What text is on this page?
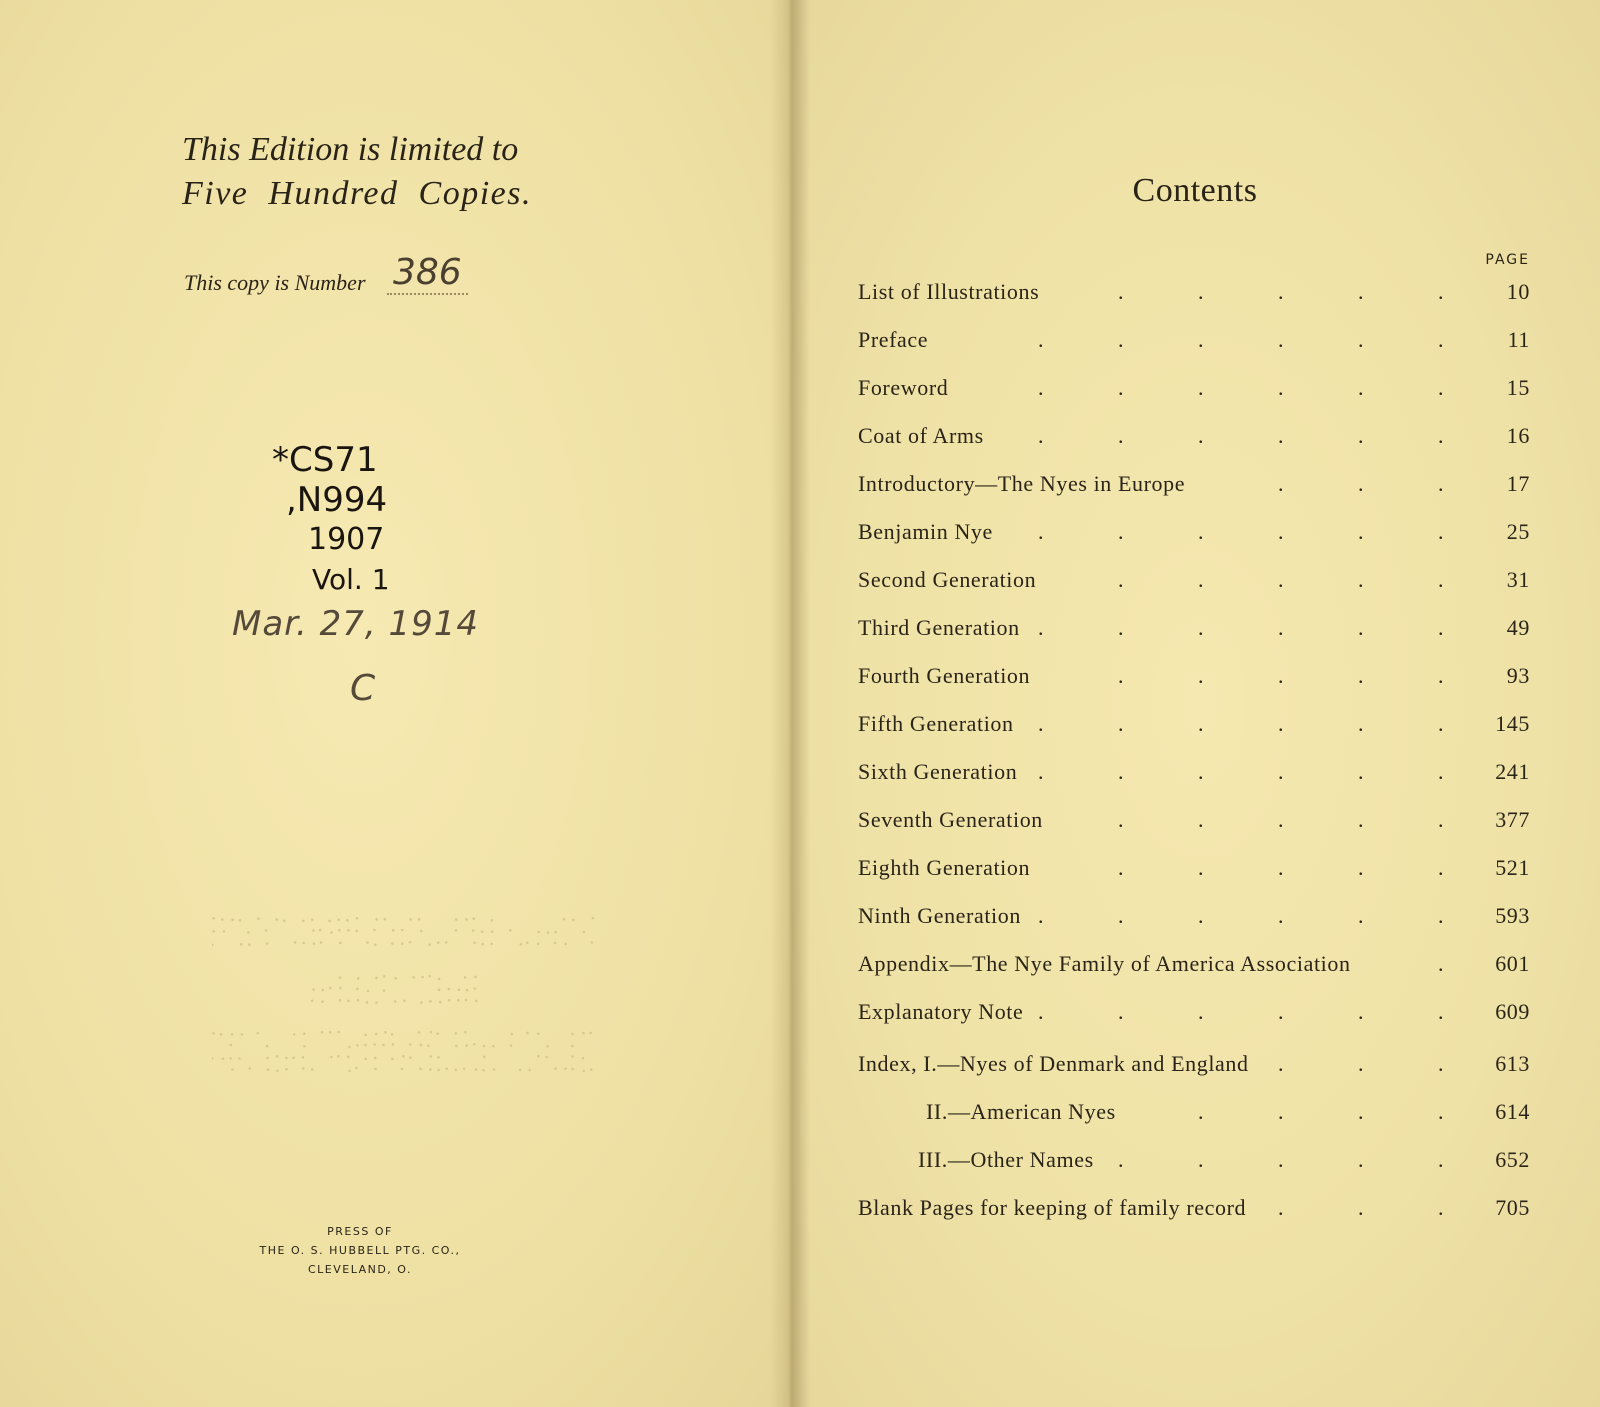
This Edition is limited to
Five Hundred Copies.
This copy is Number 386
*CS71
,N994
1907
Vol. 1
Mar. 27, 1914
C
PRESS OF
THE O. S. HUBBELL PTG. CO.,
CLEVELAND, O.
Contents
PAGE
List of Illustrations	10
.	.	.	.	.
Preface	11
.	.	.	.	.	.
Foreword	15
.	.	.	.	.	.
Coat of Arms	16
.	.	.	.	.	.
Introductory—The Nyes in Europe	17
.	.	.
Benjamin Nye	25
.	.	.	.	.	.
Second Generation	31
.	.	.	.	.
Third Generation	49
.	.	.	.	.	.
Fourth Generation	93
.	.	.	.	.
Fifth Generation	145
.	.	.	.	.	.
Sixth Generation	241
.	.	.	.	.	.
Seventh Generation	377
.	.	.	.	.
Eighth Generation	521
.	.	.	.	.
Ninth Generation	593
.	.	.	.	.	.
Appendix—The Nye Family of America Association	601
.
Explanatory Note	609
.	.	.	.	.	.
Index, I.—Nyes of Denmark and England	613
.	.	.
II.—American Nyes	614
.	.	.	.
III.—Other Names	652
.	.	.	.	.
Blank Pages for keeping of family record	705
.	.	.
